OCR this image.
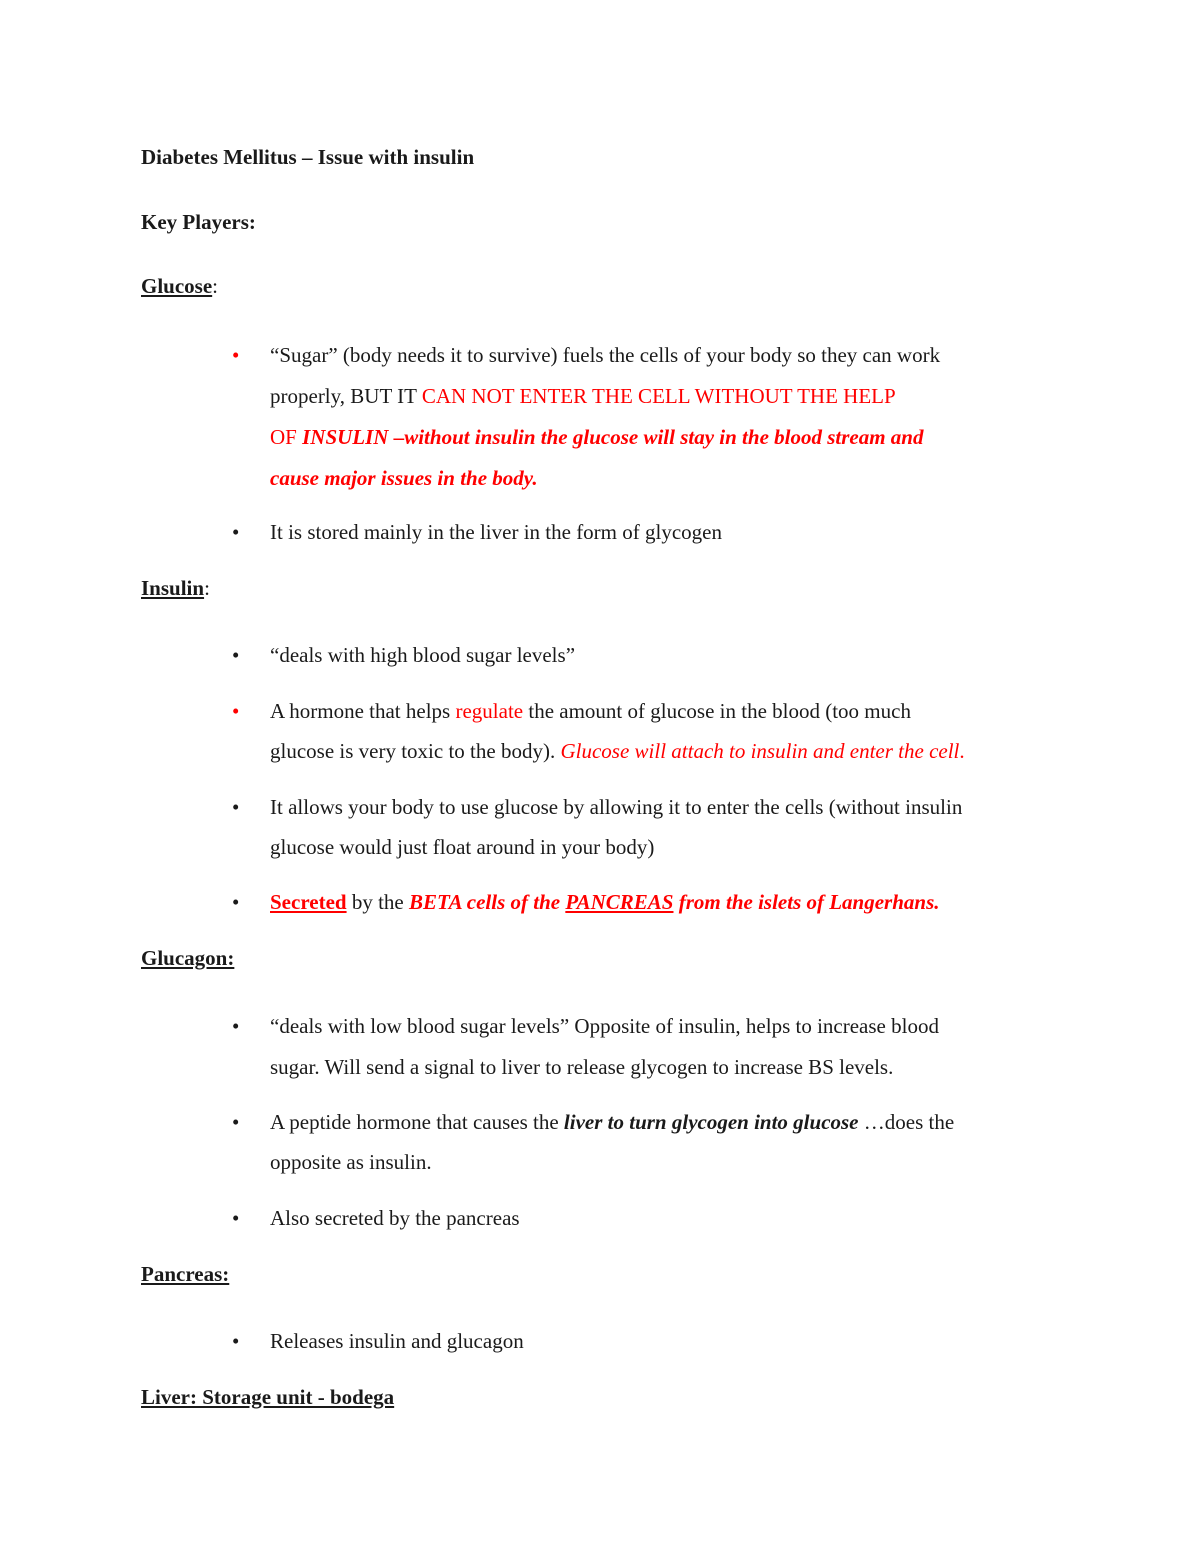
Diabetes Mellitus – Issue with insulin
Key Players:
Glucose:
•	“Sugar” (body needs it to survive) fuels the cells of your body so they can work
properly, BUT IT CAN NOT ENTER THE CELL WITHOUT THE HELP
OF INSULIN –without insulin the glucose will stay in the blood stream and
cause major issues in the body.
•	It is stored mainly in the liver in the form of glycogen
Insulin:
•	“deals with high blood sugar levels”
•	A hormone that helps regulate the amount of glucose in the blood (too much
glucose is very toxic to the body). Glucose will attach to insulin and enter the cell.
•	It allows your body to use glucose by allowing it to enter the cells (without insulin
glucose would just float around in your body)
•	Secreted by the BETA cells of the PANCREAS from the islets of Langerhans.
Glucagon:
•	“deals with low blood sugar levels” Opposite of insulin, helps to increase blood
sugar. Will send a signal to liver to release glycogen to increase BS levels.
•	A peptide hormone that causes the liver to turn glycogen into glucose …does the
opposite as insulin.
•	Also secreted by the pancreas
Pancreas:
•	Releases insulin and glucagon
Liver: Storage unit - bodega
